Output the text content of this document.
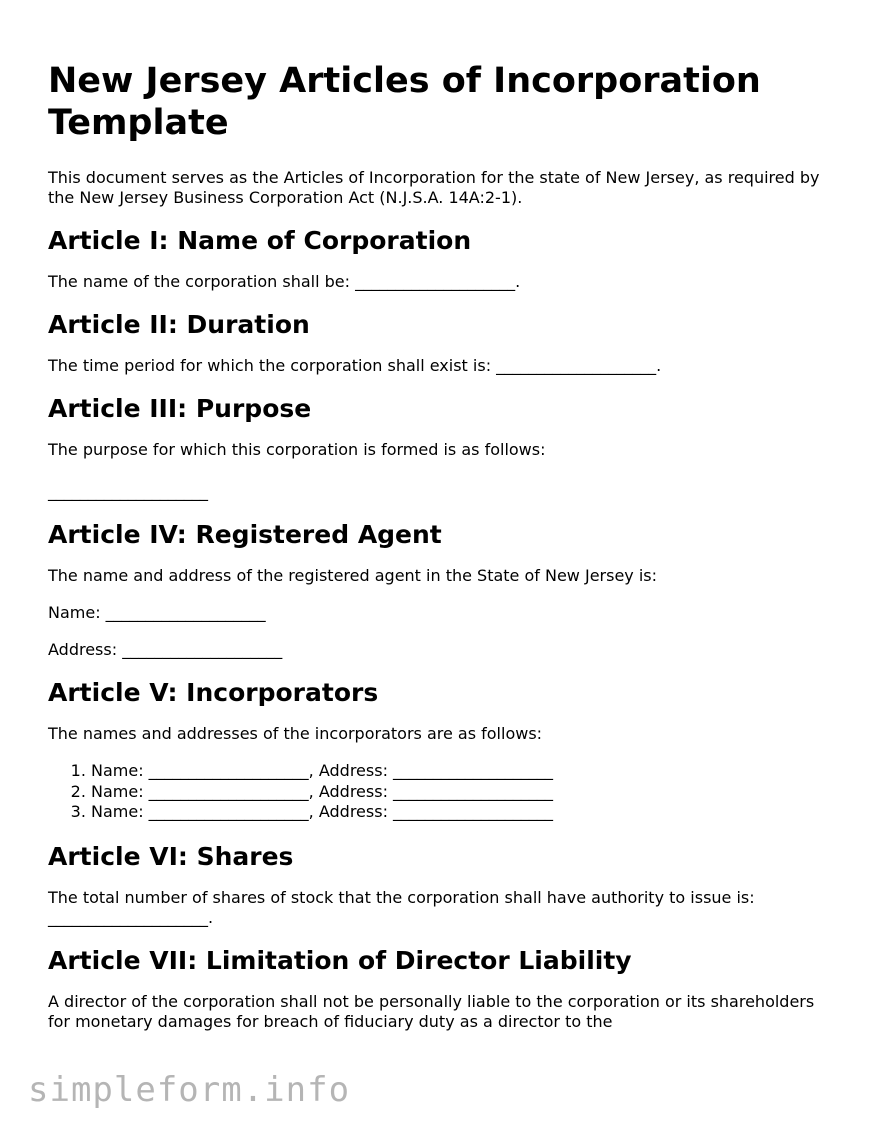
New Jersey Articles of Incorporation Template

This document serves as the Articles of Incorporation for the state of New Jersey, as required by the New Jersey Business Corporation Act (N.J.S.A. 14A:2-1).

Article I: Name of Corporation

The name of the corporation shall be: ____________________.

Article II: Duration

The time period for which the corporation shall exist is: ____________________.

Article III: Purpose

The purpose for which this corporation is formed is as follows:

____________________

Article IV: Registered Agent

The name and address of the registered agent in the State of New Jersey is:

Name: ____________________

Address: ____________________

Article V: Incorporators

The names and addresses of the incorporators are as follows:

1. Name: ____________________, Address: ____________________
2. Name: ____________________, Address: ____________________
3. Name: ____________________, Address: ____________________
Article VI: Shares

The total number of shares of stock that the corporation shall have authority to issue is: ____________________.

Article VII: Limitation of Director Liability

A director of the corporation shall not be personally liable to the corporation or its shareholders for monetary damages for breach of fiduciary duty as a director to the

simpleform.info
